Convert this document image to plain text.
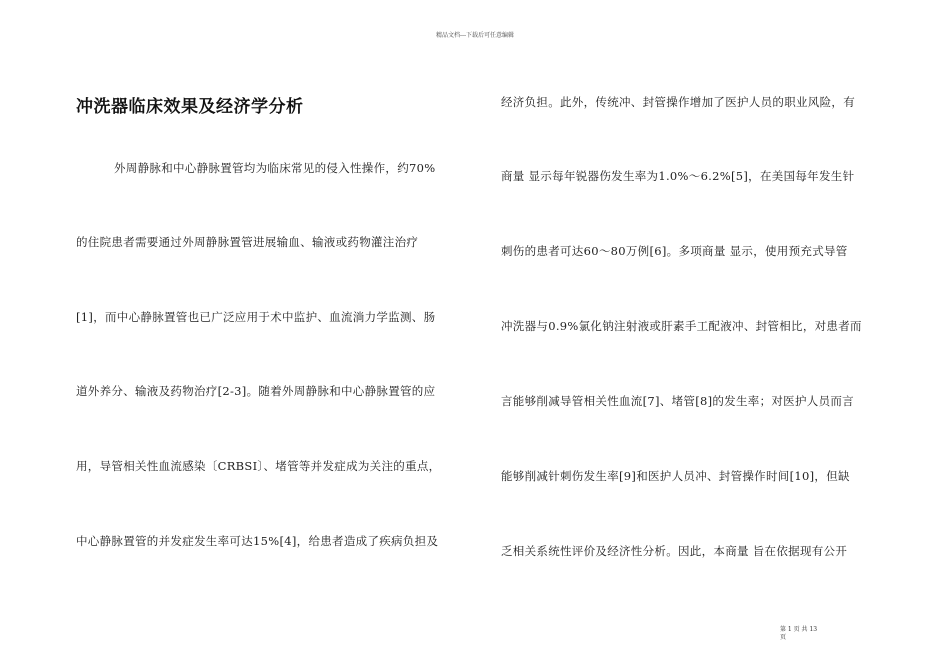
精品文档---下载后可任意编辑
冲洗器临床效果及经济学分析
外周静脉和中心静脉置管均为临床常见的侵入性操作，约70%
的住院患者需要通过外周静脉置管进展输血、输液或药物灌注治疗
[1]，而中心静脉置管也已广泛应用于术中监护、血流淌力学监测、肠
道外养分、输液及药物治疗[2-3]。随着外周静脉和中心静脉置管的应
用，导管相关性血流感染〔CRBSI〕、堵管等并发症成为关注的重点，
中心静脉置管的并发症发生率可达15%[4]，给患者造成了疾病负担及
经济负担。此外，传统冲、封管操作增加了医护人员的职业风险，有
商量 显示每年锐器伤发生率为1.0%～6.2%[5]，在美国每年发生针
刺伤的患者可达60～80万例[6]。多项商量 显示，使用预充式导管
冲洗器与0.9%氯化钠注射液或肝素手工配液冲、封管相比，对患者而
言能够削减导管相关性血流[7]、堵管[8]的发生率；对医护人员而言
能够削减针刺伤发生率[9]和医护人员冲、封管操作时间[10]，但缺
乏相关系统性评价及经济性分析。因此，本商量 旨在依据现有公开
第 1 页 共 13
页
